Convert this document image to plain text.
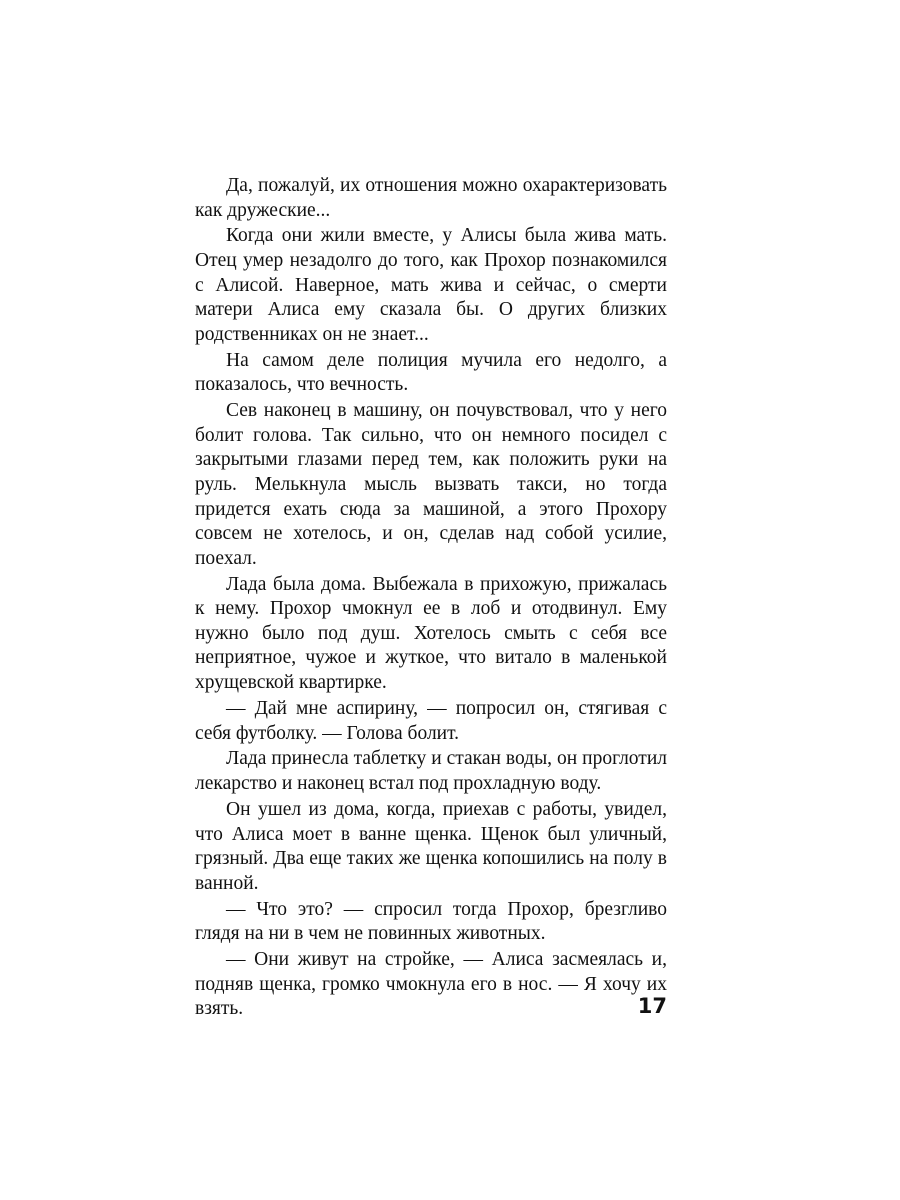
Да, пожалуй, их отношения можно охарактеризовать как дружеские...

Когда они жили вместе, у Алисы была жива мать. Отец умер незадолго до того, как Прохор познакомился с Алисой. Наверное, мать жива и сейчас, о смерти матери Алиса ему сказала бы. О других близких родственниках он не знает...

На самом деле полиция мучила его недолго, а показалось, что вечность.

Сев наконец в машину, он почувствовал, что у него болит голова. Так сильно, что он немного посидел с закрытыми глазами перед тем, как положить руки на руль. Мелькнула мысль вызвать такси, но тогда придется ехать сюда за машиной, а этого Прохору совсем не хотелось, и он, сделав над собой усилие, поехал.

Лада была дома. Выбежала в прихожую, прижалась к нему. Прохор чмокнул ее в лоб и отодвинул. Ему нужно было под душ. Хотелось смыть с себя все неприятное, чужое и жуткое, что витало в маленькой хрущевской квартирке.

— Дай мне аспирину, — попросил он, стягивая с себя футболку. — Голова болит.

Лада принесла таблетку и стакан воды, он проглотил лекарство и наконец встал под прохладную воду.

Он ушел из дома, когда, приехав с работы, увидел, что Алиса моет в ванне щенка. Щенок был уличный, грязный. Два еще таких же щенка копошились на полу в ванной.

— Что это? — спросил тогда Прохор, брезгливо глядя на ни в чем не повинных животных.

— Они живут на стройке, — Алиса засмеялась и, подняв щенка, громко чмокнула его в нос. — Я хочу их взять.	17
